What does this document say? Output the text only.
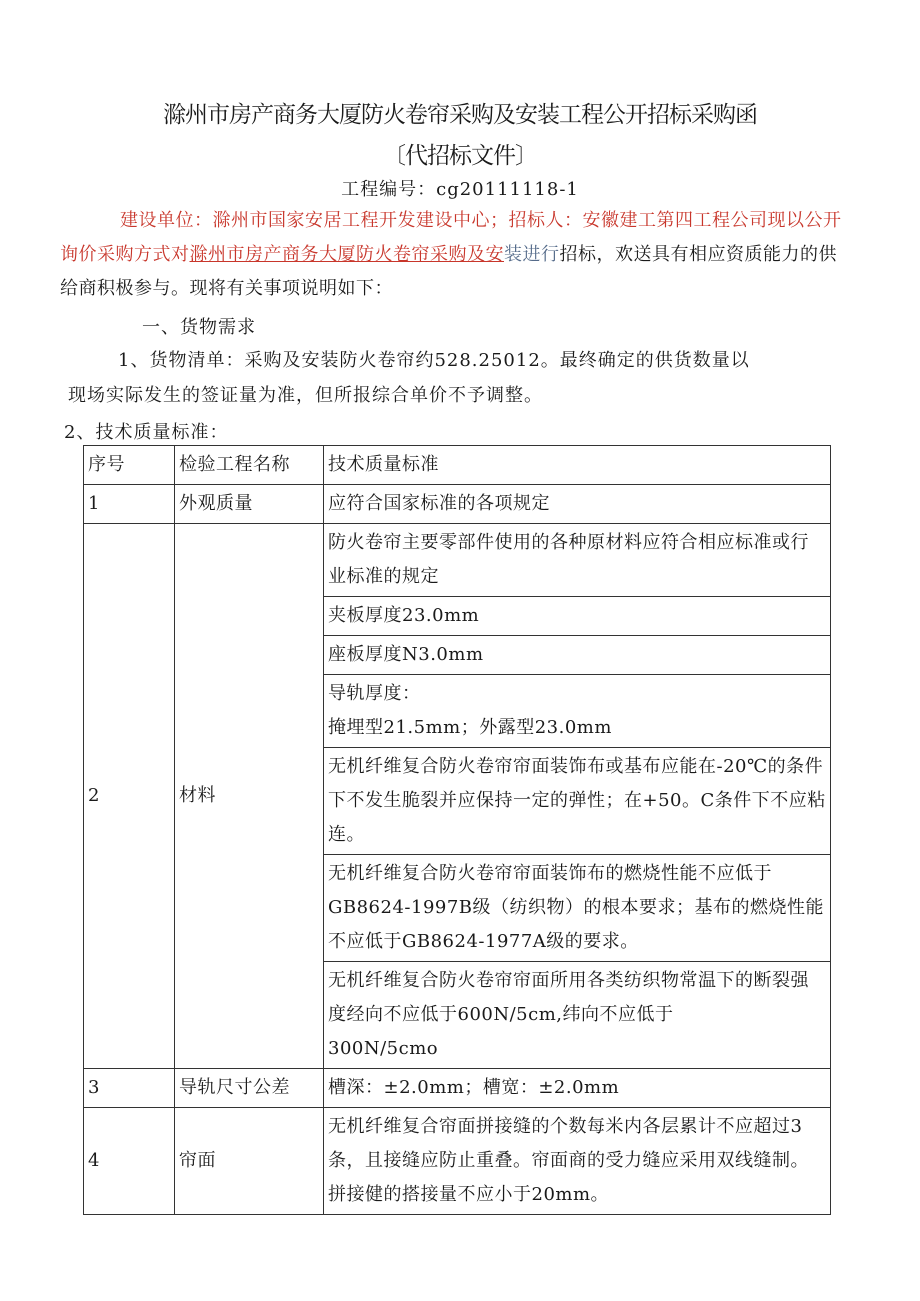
滁州市房产商务大厦防火卷帘采购及安装工程公开招标采购函
〔代招标文件〕
工程编号：cg20111118-1
建设单位：滁州市国家安居工程开发建设中心；招标人：安徽建工第四工程公司现以公开询价采购方式对滁州市房产商务大厦防火卷帘采购及安装进行招标，欢送具有相应资质能力的供给商积极参与。现将有关事项说明如下：
一、货物需求
1、货物清单：采购及安装防火卷帘约528.25012。最终确定的供货数量以
现场实际发生的签证量为准，但所报综合单价不予调整。
2、技术质量标准：
序号	检验工程名称	技术质量标准
1	外观质量	应符合国家标准的各项规定
2	材料	防火卷帘主要零部件使用的各种原材料应符合相应标准或行业标准的规定
		夹板厚度23.0mm
		座板厚度N3.0mm

		导轨厚度：
掩埋型21.5mm；外露型23.0mm

		无机纤维复合防火卷帘帘面装饰布或基布应能在-20℃的条件下不发生脆裂并应保持一定的弹性；在+50。C条件下不应粘连。
		无机纤维复合防火卷帘帘面装饰布的燃烧性能不应低于GB8624-1997B级（纺织物）的根本要求；基布的燃烧性能不应低于GB8624-1977A级的要求。

		无机纤维复合防火卷帘帘面所用各类纺织物常温下的断裂强度经向不应低于600N/5cm,纬向不应低于
300N/5cmo

3	导轨尺寸公差	槽深：±2.0mm；槽宽：±2.0mm
4	帘面	无机纤维复合帘面拼接缝的个数每米内各层累计不应超过3条，且接缝应防止重叠。帘面商的受力缝应采用双线缝制。拼接健的搭接量不应小于20mm。
